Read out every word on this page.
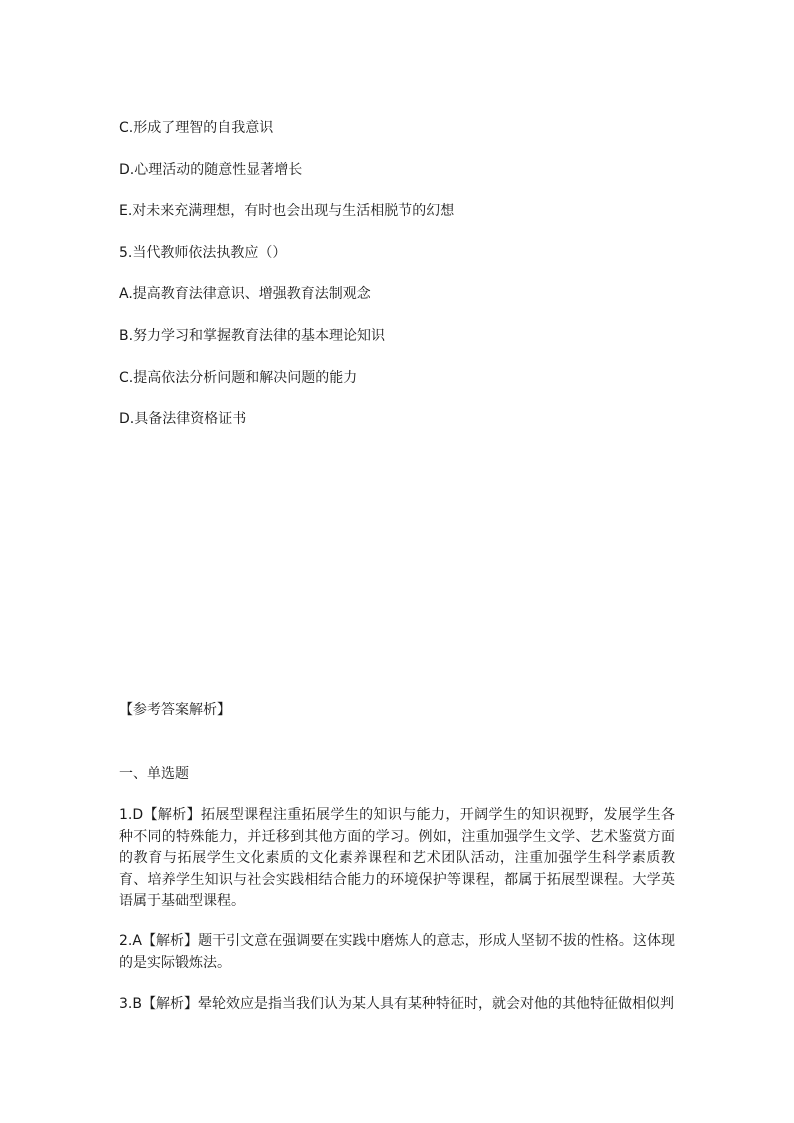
C.形成了理智的自我意识
D.心理活动的随意性显著增长
E.对未来充满理想，有时也会出现与生活相脱节的幻想
5.当代教师依法执教应（）
A.提高教育法律意识、增强教育法制观念
B.努力学习和掌握教育法律的基本理论知识
C.提高依法分析问题和解决问题的能力
D.具备法律资格证书
【参考答案解析】
一、单选题
1.D【解析】拓展型课程注重拓展学生的知识与能力，开阔学生的知识视野，发展学生各种不同的特殊能力，并迁移到其他方面的学习。例如，注重加强学生文学、艺术鉴赏方面的教育与拓展学生文化素质的文化素养课程和艺术团队活动，注重加强学生科学素质教育、培养学生知识与社会实践相结合能力的环境保护等课程，都属于拓展型课程。大学英语属于基础型课程。
2.A【解析】题干引文意在强调要在实践中磨炼人的意志，形成人坚韧不拔的性格。这体现的是实际锻炼法。
3.B【解析】晕轮效应是指当我们认为某人具有某种特征时，就会对他的其他特征做相似判
